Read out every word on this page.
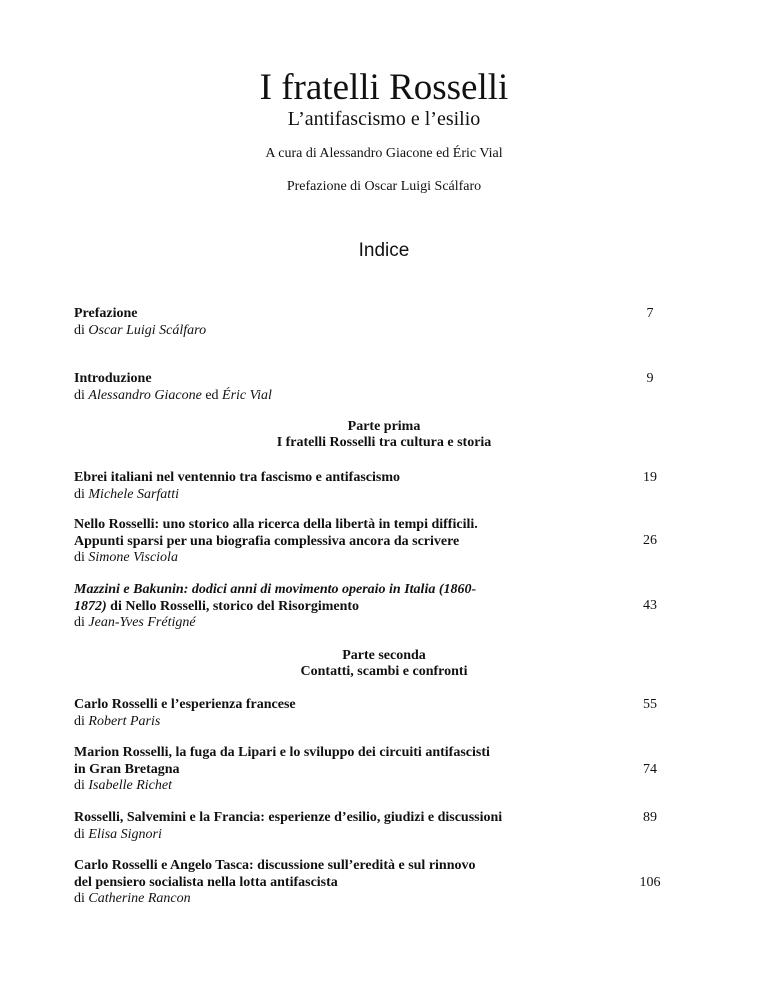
I fratelli Rosselli
L’antifascismo e l’esilio
A cura di Alessandro Giacone ed Éric Vial
Prefazione di Oscar Luigi Scálfaro
Indice
Prefazione
di Oscar Luigi Scálfaro
7
Introduzione
di Alessandro Giacone ed Éric Vial
9
Parte prima
I fratelli Rosselli tra cultura e storia
Ebrei italiani nel ventennio tra fascismo e antifascismo
di Michele Sarfatti
19
Nello Rosselli: uno storico alla ricerca della libertà in tempi difficili.
Appunti sparsi per una biografia complessiva ancora da scrivere
di Simone Visciola
26
Mazzini e Bakunin: dodici anni di movimento operaio in Italia (1860-
1872) di Nello Rosselli, storico del Risorgimento
di Jean-Yves Frétigné
43
Parte seconda
Contatti, scambi e confronti
Carlo Rosselli e l’esperienza francese
di Robert Paris
55
Marion Rosselli, la fuga da Lipari e lo sviluppo dei circuiti antifascisti
in Gran Bretagna
di Isabelle Richet
74
Rosselli, Salvemini e la Francia: esperienze d’esilio, giudizi e discussioni
di Elisa Signori
89
Carlo Rosselli e Angelo Tasca: discussione sull’eredità e sul rinnovo
del pensiero socialista nella lotta antifascista
di Catherine Rancon
106
